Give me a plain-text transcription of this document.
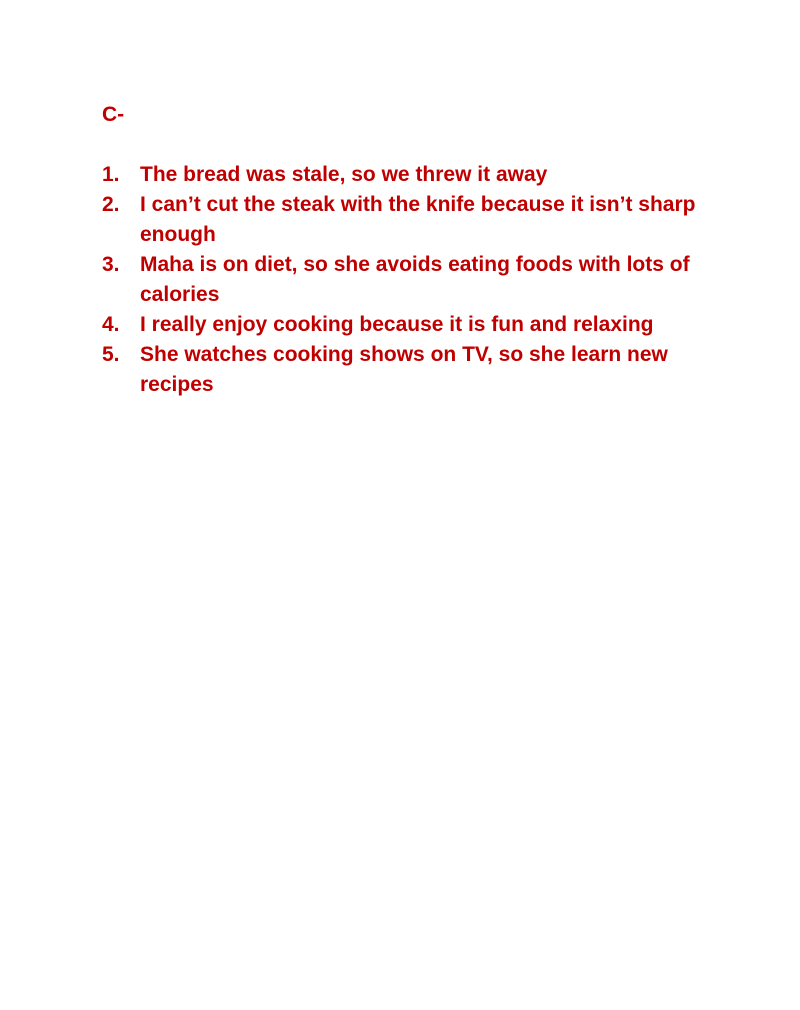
C-

1. The bread was stale, so we threw it away
2. I can’t cut the steak with the knife because it isn’t sharp enough
3. Maha is on diet, so she avoids eating foods with lots of calories
4. I really enjoy cooking because it is fun and relaxing
5. She watches cooking shows on TV, so she learn new recipes
